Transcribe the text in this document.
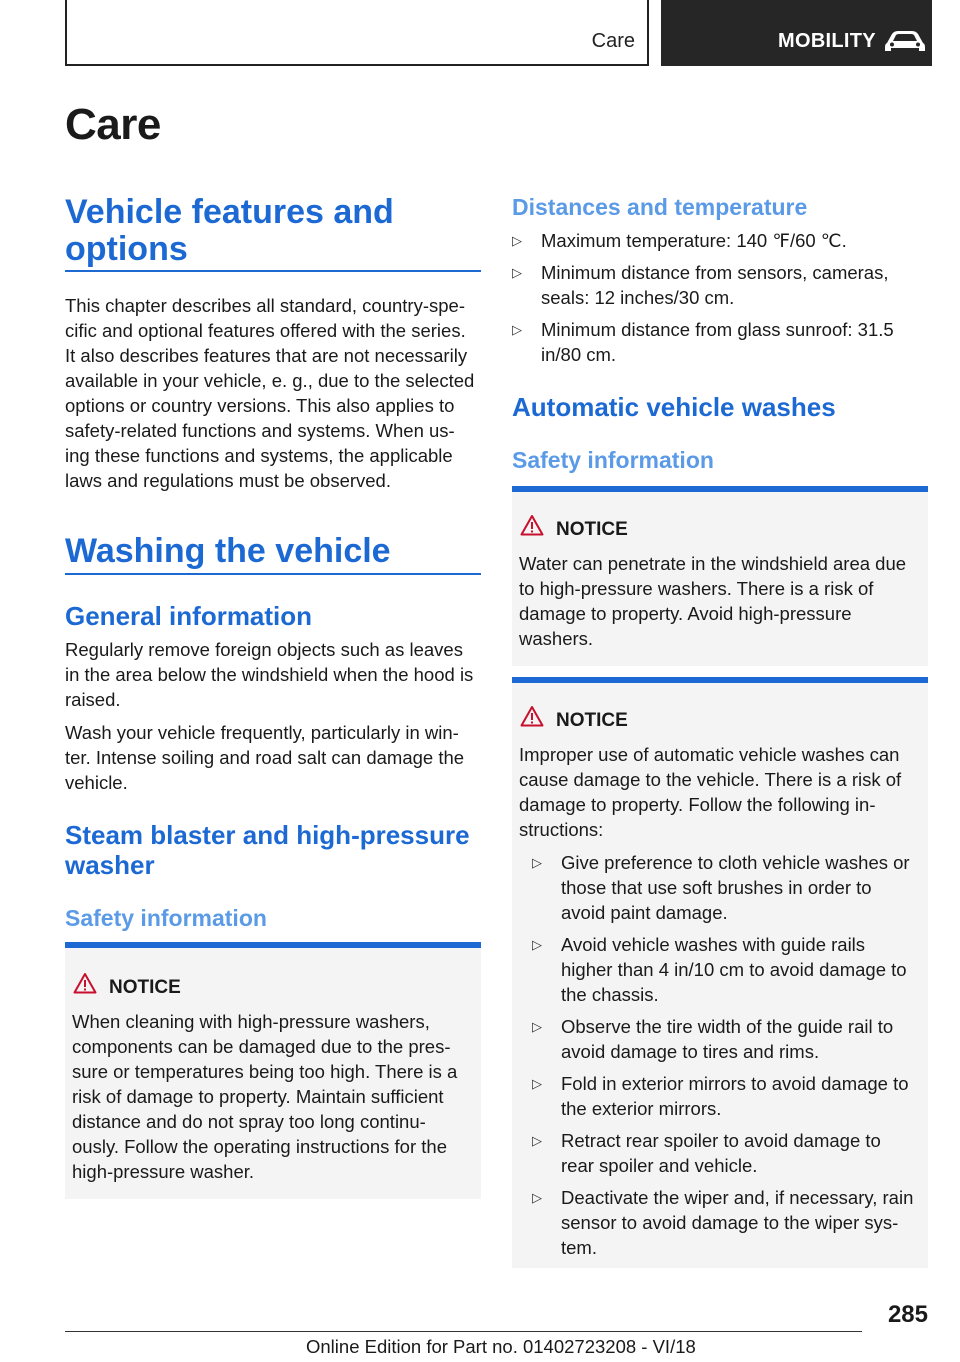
Care	MOBILITY
Care
Vehicle features and options
This chapter describes all standard, country-spe- cific and optional features offered with the series. It also describes features that are not necessarily available in your vehicle, e. g., due to the selected options or country versions. This also applies to safety-related functions and systems. When us- ing these functions and systems, the applicable laws and regulations must be observed.
Washing the vehicle
General information
Regularly remove foreign objects such as leaves in the area below the windshield when the hood is raised.
Wash your vehicle frequently, particularly in win- ter. Intense soiling and road salt can damage the vehicle.
Steam blaster and high-pressure washer
Safety information
NOTICE
When cleaning with high-pressure washers, components can be damaged due to the pres- sure or temperatures being too high. There is a risk of damage to property. Maintain sufficient distance and do not spray too long continu- ously. Follow the operating instructions for the high-pressure washer.
Distances and temperature
▷ Maximum temperature: 140 ℉/60 ℃.
▷ Minimum distance from sensors, cameras, seals: 12 inches/30 cm.
▷ Minimum distance from glass sunroof: 31.5 in/80 cm.
Automatic vehicle washes
Safety information
NOTICE
Water can penetrate in the windshield area due to high-pressure washers. There is a risk of damage to property. Avoid high-pressure washers.
NOTICE
Improper use of automatic vehicle washes can cause damage to the vehicle. There is a risk of damage to property. Follow the following in- structions:
▷ Give preference to cloth vehicle washes or those that use soft brushes in order to avoid paint damage.
▷ Avoid vehicle washes with guide rails higher than 4 in/10 cm to avoid damage to the chassis.
▷ Observe the tire width of the guide rail to avoid damage to tires and rims.
▷ Fold in exterior mirrors to avoid damage to the exterior mirrors.
▷ Retract rear spoiler to avoid damage to rear spoiler and vehicle.
▷ Deactivate the wiper and, if necessary, rain sensor to avoid damage to the wiper sys- tem.
285
Online Edition for Part no. 01402723208 - VI/18
